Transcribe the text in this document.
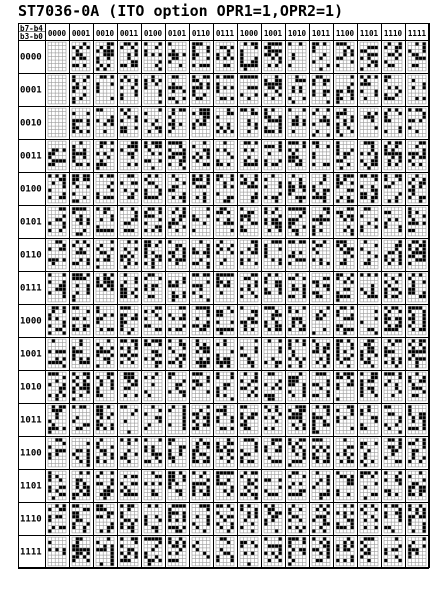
ST7036-0A (ITO option OPR1=1,OPR2=1)
b7-b4
b3-b0 0000 0001 0010 0011 0100 0101 0110 0111 1000 1001 1010 1011 1100 1101 1110 1111
0000
0001
0010
0011
0100
0101
0110
0111
1000
1001
1010
1011
1100
1101
1110
1111
